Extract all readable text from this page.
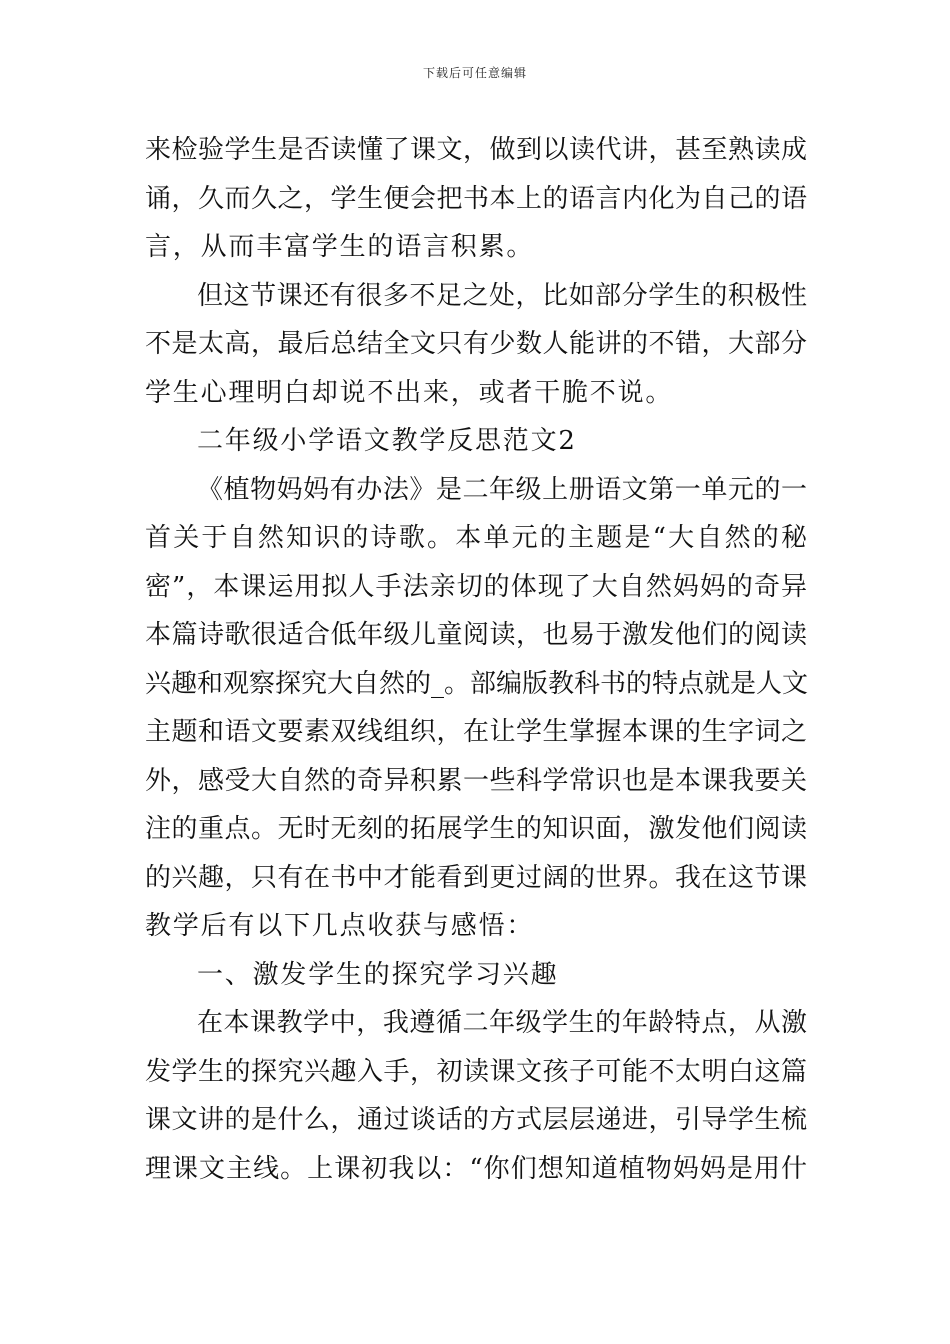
下载后可任意编辑
来检验学生是否读懂了课文，做到以读代讲，甚至熟读成
诵，久而久之，学生便会把书本上的语言内化为自己的语
言，从而丰富学生的语言积累。
但这节课还有很多不足之处，比如部分学生的积极性
不是太高，最后总结全文只有少数人能讲的不错，大部分
学生心理明白却说不出来，或者干脆不说。
二年级小学语文教学反思范文2
《植物妈妈有办法》是二年级上册语文第一单元的一
首关于自然知识的诗歌。本单元的主题是“大自然的秘
密”，本课运用拟人手法亲切的体现了大自然妈妈的奇异
本篇诗歌很适合低年级儿童阅读，也易于激发他们的阅读
兴趣和观察探究大自然的_。部编版教科书的特点就是人文
主题和语文要素双线组织，在让学生掌握本课的生字词之
外，感受大自然的奇异积累一些科学常识也是本课我要关
注的重点。无时无刻的拓展学生的知识面，激发他们阅读
的兴趣，只有在书中才能看到更过阔的世界。我在这节课
教学后有以下几点收获与感悟：
一、激发学生的探究学习兴趣
在本课教学中，我遵循二年级学生的年龄特点，从激
发学生的探究兴趣入手，初读课文孩子可能不太明白这篇
课文讲的是什么，通过谈话的方式层层递进，引导学生梳
理课文主线。上课初我以：“你们想知道植物妈妈是用什
